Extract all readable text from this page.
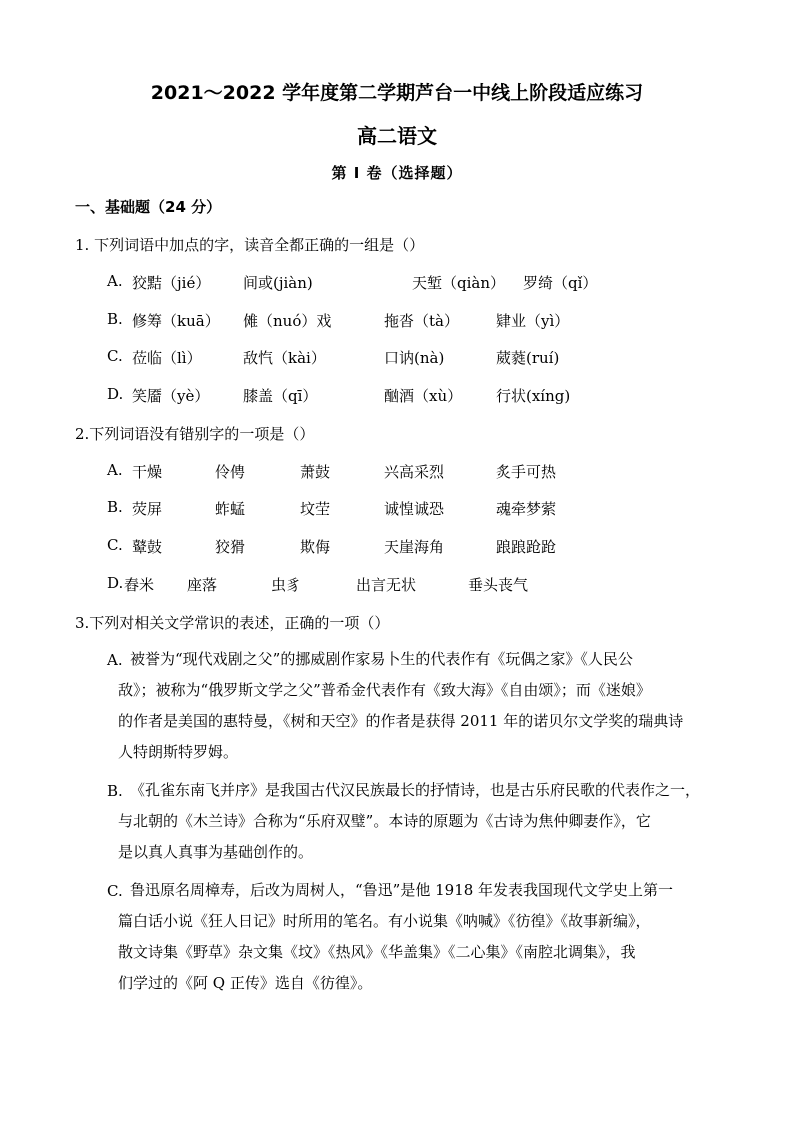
2021～2022 学年度第二学期芦台一中线上阶段适应练习
高二语文
第 I 卷（选择题）
一、基础题（24 分）
1. 下列词语中加点的字，读音全都正确的一组是（）
A. 狡黠（jié） 间或(jiàn)	天堑（qiàn） 罗绮（qǐ）
B. 修筹（kuā） 傩（nuó）戏	拖沓（tà） 肄业（yì）
C. 莅临（lì）	敌忾（kài）	口讷(nà)	葳蕤(ruí)
D. 笑靥（yè） 膝盖（qī）	酗酒（xù） 行状(xíng)
2.下列词语没有错别字的一项是（）
A. 干燥	伶俜	萧鼓	兴高采烈	炙手可热
B. 荧屏	蚱蜢	坟茔	诚惶诚恐	魂牵梦萦
C. 鼙鼓	狡猾	欺侮	天崖海角	踉踉跄跄
D. 舂米 座落	虫豸	出言无状	垂头丧气
3.下列对相关文学常识的表述，正确的一项（）
A. 被誉为“现代戏剧之父”的挪威剧作家易卜生的代表作有《玩偶之家》《人民公
敌》；被称为“俄罗斯文学之父”普希金代表作有《致大海》《自由颂》；而《迷娘》
的作者是美国的惠特曼，《树和天空》的作者是获得 2011 年的诺贝尔文学奖的瑞典诗
人特朗斯特罗姆。
B. 《孔雀东南飞并序》是我国古代汉民族最长的抒情诗，也是古乐府民歌的代表作之一，
与北朝的《木兰诗》合称为“乐府双璧”。本诗的原题为《古诗为焦仲卿妻作》，它
是以真人真事为基础创作的。
C. 鲁迅原名周樟寿，后改为周树人，“鲁迅”是他 1918 年发表我国现代文学史上第一
篇白话小说《狂人日记》时所用的笔名。有小说集《呐喊》《彷徨》《故事新编》，
散文诗集《野草》杂文集《坟》《热风》《华盖集》《二心集》《南腔北调集》，我
们学过的《阿 Q 正传》选自《彷徨》。
